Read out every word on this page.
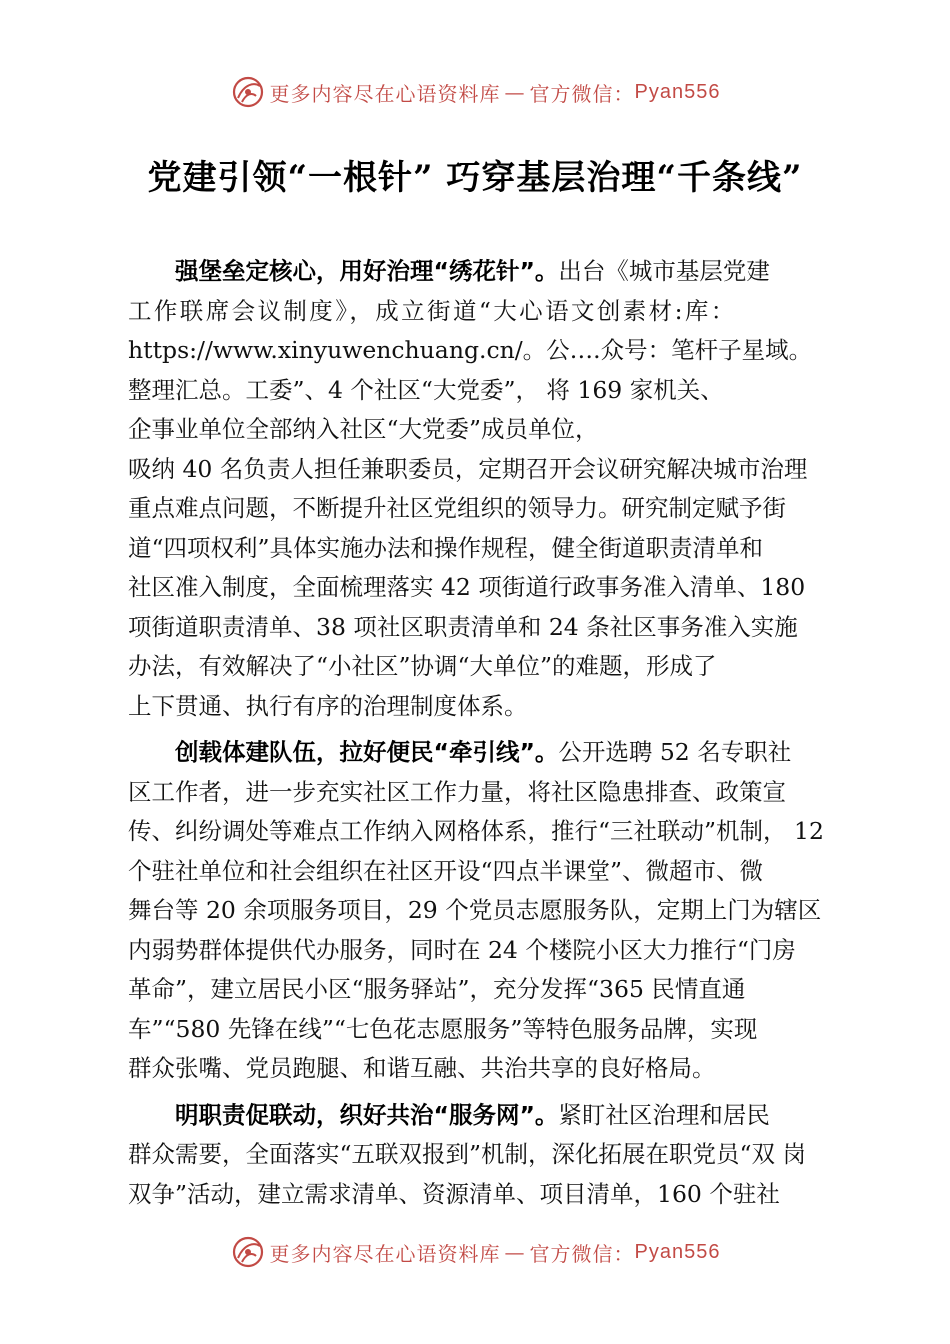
更多内容尽在心语资料库 — 官方微信： Pyan556
党建引领“一根针” 巧穿基层治理“千条线”

强堡垒定核心，用好治理“绣花针”。出台《城市基层党建
工作联席会议制度》，成立街道“大心语文创素材:库：
https://www.xinyuwenchuang.cn/。公….众号：笔杆子星域。
整理汇总。工委”、4 个社区“大党委”， 将 169 家机关、
企事业单位全部纳入社区“大党委”成员单位，
吸纳 40 名负责人担任兼职委员，定期召开会议研究解决城市治理
重点难点问题，不断提升社区党组织的领导力。研究制定赋予街
道“四项权利”具体实施办法和操作规程，健全街道职责清单和
社区准入制度，全面梳理落实 42 项街道行政事务准入清单、180
项街道职责清单、38 项社区职责清单和 24 条社区事务准入实施
办法，有效解决了“小社区”协调“大单位”的难题，形成了
上下贯通、执行有序的治理制度体系。

创载体建队伍，拉好便民“牵引线”。公开选聘 52 名专职社
区工作者，进一步充实社区工作力量，将社区隐患排查、政策宣
传、纠纷调处等难点工作纳入网格体系，推行“三社联动”机制， 12
个驻社单位和社会组织在社区开设“四点半课堂”、微超市、微
舞台等 20 余项服务项目，29 个党员志愿服务队，定期上门为辖区
内弱势群体提供代办服务，同时在 24 个楼院小区大力推行“门房
革命”，建立居民小区“服务驿站”，充分发挥“365 民情直通
车”“580 先锋在线”“七色花志愿服务”等特色服务品牌，实现
群众张嘴、党员跑腿、和谐互融、共治共享的良好格局。

明职责促联动，织好共治“服务网”。紧盯社区治理和居民
群众需要，全面落实“五联双报到”机制，深化拓展在职党员“双 岗
双争”活动，建立需求清单、资源清单、项目清单，160 个驻社

更多内容尽在心语资料库 — 官方微信： Pyan556
